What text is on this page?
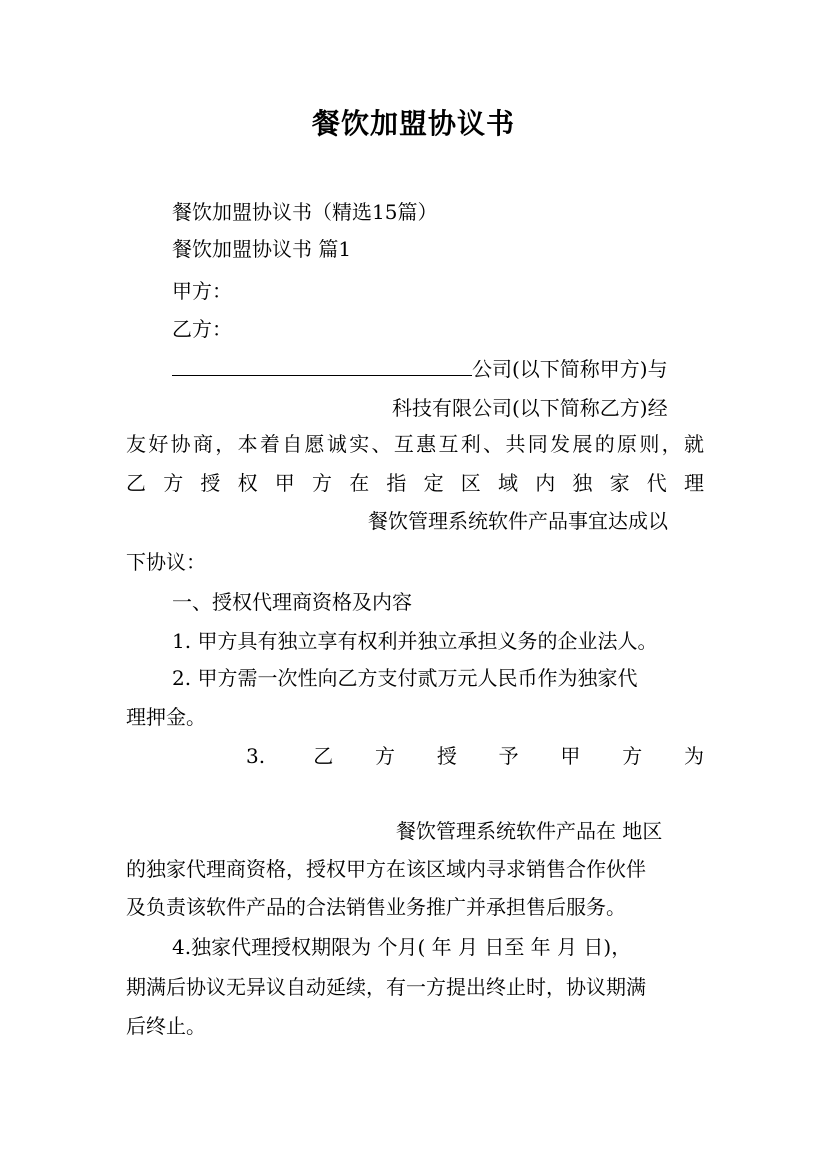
餐饮加盟协议书
餐饮加盟协议书（精选15篇）
餐饮加盟协议书 篇1
甲方：
乙方：
公司(以下简称甲方)与
科技有限公司(以下简称乙方)经
友好协商，本着自愿诚实、互惠互利、共同发展的原则，就
乙方授权甲方在指定区域内独家代理
餐饮管理系统软件产品事宜达成以
下协议：
一、授权代理商资格及内容
1. 甲方具有独立享有权利并独立承担义务的企业法人。
2. 甲方需一次性向乙方支付贰万元人民币作为独家代
理押金。
3. 乙方授予甲方为
餐饮管理系统软件产品在 地区
的独家代理商资格，授权甲方在该区域内寻求销售合作伙伴
及负责该软件产品的合法销售业务推广并承担售后服务。
4.独家代理授权期限为 个月( 年 月 日至 年 月 日)，
期满后协议无异议自动延续，有一方提出终止时，协议期满
后终止。
